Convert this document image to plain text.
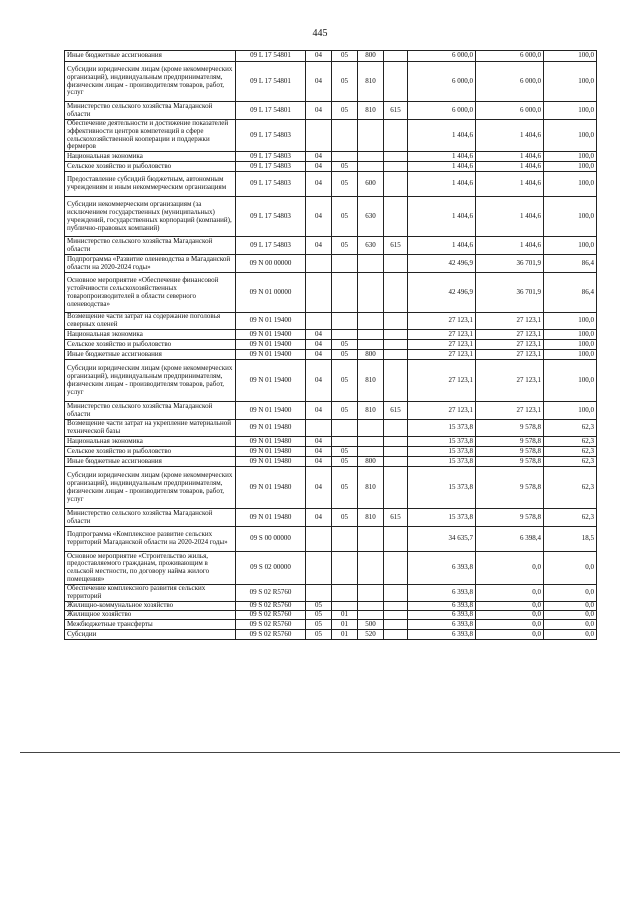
445
Иные бюджетные ассигнования	09 L 17 54801	04	05	800		6 000,0	6 000,0	100,0
Субсидии юридическим лицам (кроме некоммерческих организаций), индивидуальным предпринимателям, физическим лицам - производителям товаров, работ, услуг	09 L 17 54801	04	05	810		6 000,0	6 000,0	100,0
Министерство сельского хозяйства Магаданской области	09 L 17 54801	04	05	810	615	6 000,0	6 000,0	100,0
Обеспечение деятельности и достижение показателей эффективности центров компетенций в сфере сельскохозяйственной кооперации и поддержки фермеров	09 L 17 54803					1 404,6	1 404,6	100,0
Национальная экономика	09 L 17 54803	04				1 404,6	1 404,6	100,0
Сельское хозяйство и рыболовство	09 L 17 54803	04	05			1 404,6	1 404,6	100,0
Предоставление субсидий бюджетным, автономным учреждениям и иным некоммерческим организациям	09 L 17 54803	04	05	600		1 404,6	1 404,6	100,0
Субсидии некоммерческим организациям (за исключением государственных (муниципальных) учреждений, государственных корпораций (компаний), публично-правовых компаний)	09 L 17 54803	04	05	630		1 404,6	1 404,6	100,0
Министерство сельского хозяйства Магаданской области	09 L 17 54803	04	05	630	615	1 404,6	1 404,6	100,0
Подпрограмма «Развитие оленеводства в Магаданской области на 2020-2024 годы»	09 N 00 00000					42 496,9	36 701,9	86,4
Основное мероприятие «Обеспечение финансовой устойчивости сельскохозяйственных товаропроизводителей в области северного оленеводства»	09 N 01 00000					42 496,9	36 701,9	86,4
Возмещение части затрат на содержание поголовья северных оленей	09 N 01 19400					27 123,1	27 123,1	100,0
Национальная экономика	09 N 01 19400	04				27 123,1	27 123,1	100,0
Сельское хозяйство и рыболовство	09 N 01 19400	04	05			27 123,1	27 123,1	100,0
Иные бюджетные ассигнования	09 N 01 19400	04	05	800		27 123,1	27 123,1	100,0
Субсидии юридическим лицам (кроме некоммерческих организаций), индивидуальным предпринимателям, физическим лицам - производителям товаров, работ, услуг	09 N 01 19400	04	05	810		27 123,1	27 123,1	100,0
Министерство сельского хозяйства Магаданской области	09 N 01 19400	04	05	810	615	27 123,1	27 123,1	100,0
Возмещение части затрат на укрепление материальной технической базы	09 N 01 19480					15 373,8	9 578,8	62,3
Национальная экономика	09 N 01 19480	04				15 373,8	9 578,8	62,3
Сельское хозяйство и рыболовство	09 N 01 19480	04	05			15 373,8	9 578,8	62,3
Иные бюджетные ассигнования	09 N 01 19480	04	05	800		15 373,8	9 578,8	62,3
Субсидии юридическим лицам (кроме некоммерческих организаций), индивидуальным предпринимателям, физическим лицам - производителям товаров, работ, услуг	09 N 01 19480	04	05	810		15 373,8	9 578,8	62,3
Министерство сельского хозяйства Магаданской области	09 N 01 19480	04	05	810	615	15 373,8	9 578,8	62,3
Подпрограмма «Комплексное развитие сельских территорий Магаданской области на 2020-2024 годы»	09 S 00 00000					34 635,7	6 398,4	18,5
Основное мероприятие «Строительство жилья, предоставляемого гражданам, проживающим в сельской местности, по договору найма жилого помещения»	09 S 02 00000					6 393,8	0,0	0,0
Обеспечение комплексного развития сельских территорий	09 S 02 R5760					6 393,8	0,0	0,0
Жилищно-коммунальное хозяйство	09 S 02 R5760	05				6 393,8	0,0	0,0
Жилищное хозяйство	09 S 02 R5760	05	01			6 393,8	0,0	0,0
Межбюджетные трансферты	09 S 02 R5760	05	01	500		6 393,8	0,0	0,0
Субсидии	09 S 02 R5760	05	01	520		6 393,8	0,0	0,0
